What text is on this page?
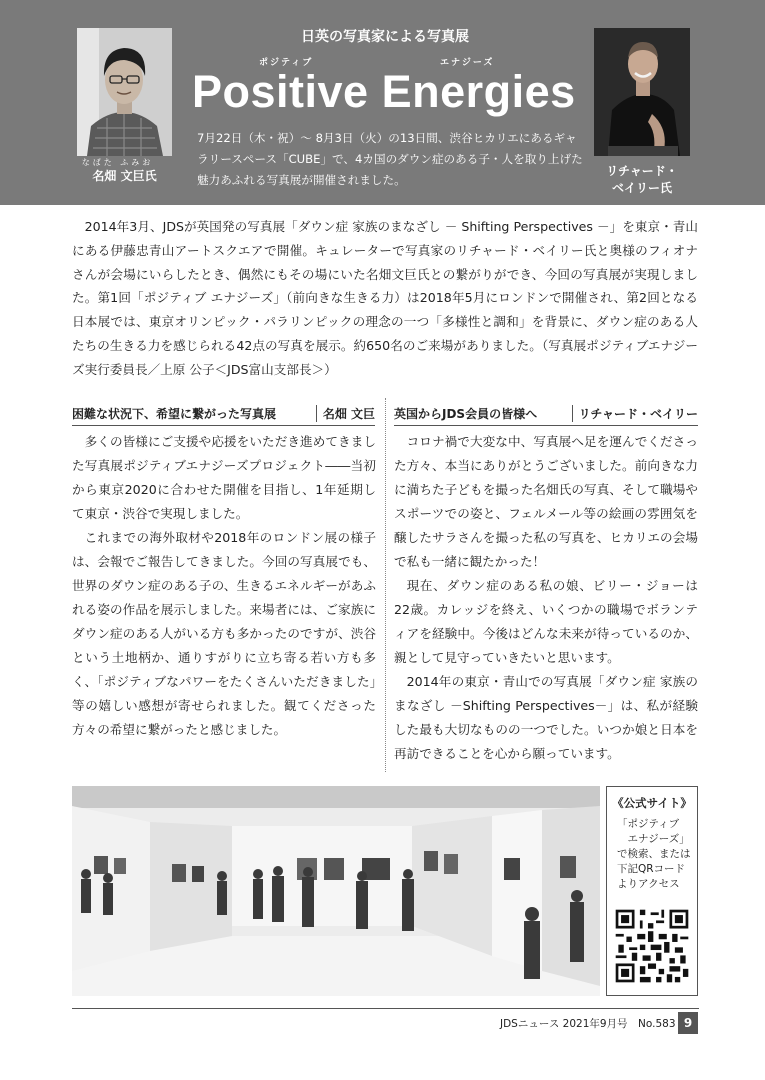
なばた ふみお
名畑 文巨氏
日英の写真家による写真展
ポジティブ	エナジーズ
Positive Energies
7月22日（木・祝）～ 8月3日（火）の13日間、渋谷ヒカリエにあるギャラリースペース「CUBE」で、4カ国のダウン症のある子・人を取り上げた魅力あふれる写真展が開催されました。
リチャード・
ベイリー氏
2014年3月、JDSが英国発の写真展「ダウン症 家族のまなざし － Shifting Perspectives －」を東京・青山にある伊藤忠青山アートスクエアで開催。キュレーターで写真家のリチャード・ベイリー氏と奥様のフィオナさんが会場にいらしたとき、偶然にもその場にいた名畑文巨氏との繋がりができ、今回の写真展が実現しました。第1回「ポジティブ エナジーズ」（前向きな生きる力）は2018年5月にロンドンで開催され、第2回となる日本展では、東京オリンピック・パラリンピックの理念の一つ「多様性と調和」を背景に、ダウン症のある人たちの生きる力を感じられる42点の写真を展示。約650名のご来場がありました。（写真展ポジティブエナジーズ実行委員長／上原 公子＜JDS富山支部長＞）
困難な状況下、希望に繋がった写真展	名畑 文巨 英国からJDS会員の皆様へ	リチャード・ベイリー

多くの皆様にご支援や応援をいただき進めてきました写真展ポジティブエナジーズプロジェクト――当初から東京2020に合わせた開催を目指し、1年延期して東京・渋谷で実現しました。

これまでの海外取材や2018年のロンドン展の様子は、会報でご報告してきました。今回の写真展でも、世界のダウン症のある子の、生きるエネルギーがあふれる姿の作品を展示しました。来場者には、ご家族にダウン症のある人がいる方も多かったのですが、渋谷という土地柄か、通りすがりに立ち寄る若い方も多く、「ポジティブなパワーをたくさんいただきました」等の嬉しい感想が寄せられました。観てくださった方々の希望に繋がったと感じました。

コロナ禍で大変な中、写真展へ足を運んでくださった方々、本当にありがとうございました。前向きな力に満ちた子どもを撮った名畑氏の写真、そして職場やスポーツでの姿と、フェルメール等の絵画の雰囲気を醸したサラさんを撮った私の写真を、ヒカリエの会場で私も一緒に観たかった！

現在、ダウン症のある私の娘、ビリー・ジョーは22歳。カレッジを終え、いくつかの職場でボランティアを経験中。今後はどんな未来が待っているのか、親として見守っていきたいと思います。

2014年の東京・青山での写真展「ダウン症 家族のまなざし －Shifting Perspectives－」は、私が経験した最も大切なものの一つでした。いつか娘と日本を再訪できることを心から願っています。

《公式サイト》
「ポジティブ
　エナジーズ」
で検索、または
下記QRコード
よりアクセス
JDSニュース 2021年9月号　No.583 9
